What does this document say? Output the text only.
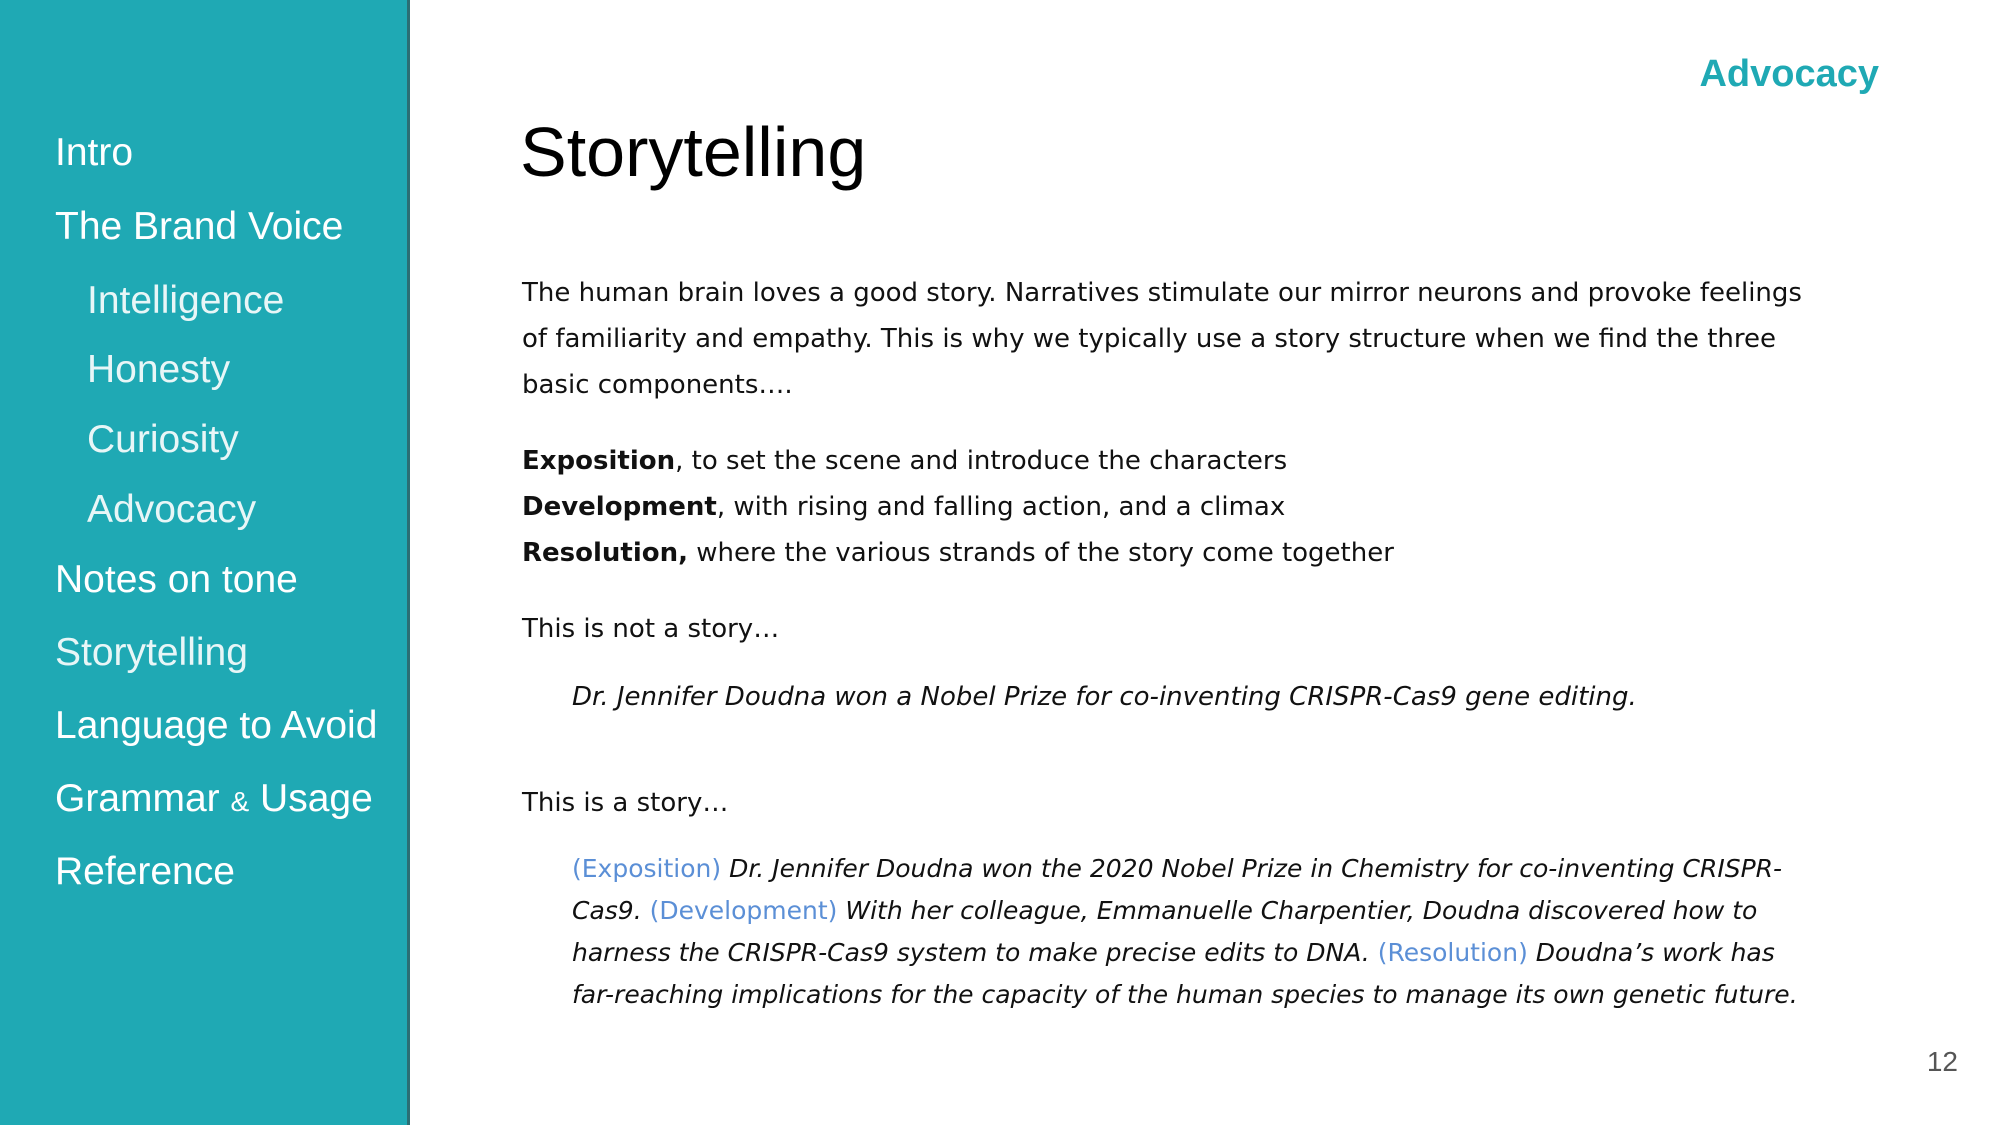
Intro
The Brand Voice
Intelligence
Honesty
Curiosity
Advocacy
Notes on tone
Storytelling
Language to Avoid
Grammar & Usage
Reference
Advocacy
Storytelling

The human brain loves a good story. Narratives stimulate our mirror neurons and provoke feelings of familiarity and empathy. This is why we typically use a story structure when we find the three basic components….

Exposition, to set the scene and introduce the characters
Development, with rising and falling action, and a climax
Resolution, where the various strands of the story come together
This is not a story…
Dr. Jennifer Doudna won a Nobel Prize for co-inventing CRISPR-Cas9 gene editing.
This is a story…
(Exposition) Dr. Jennifer Doudna won the 2020 Nobel Prize in Chemistry for co-inventing CRISPR-Cas9. (Development) With her colleague, Emmanuelle Charpentier, Doudna discovered how to harness the CRISPR-Cas9 system to make precise edits to DNA. (Resolution) Doudna’s work has far-reaching implications for the capacity of the human species to manage its own genetic future.
12
